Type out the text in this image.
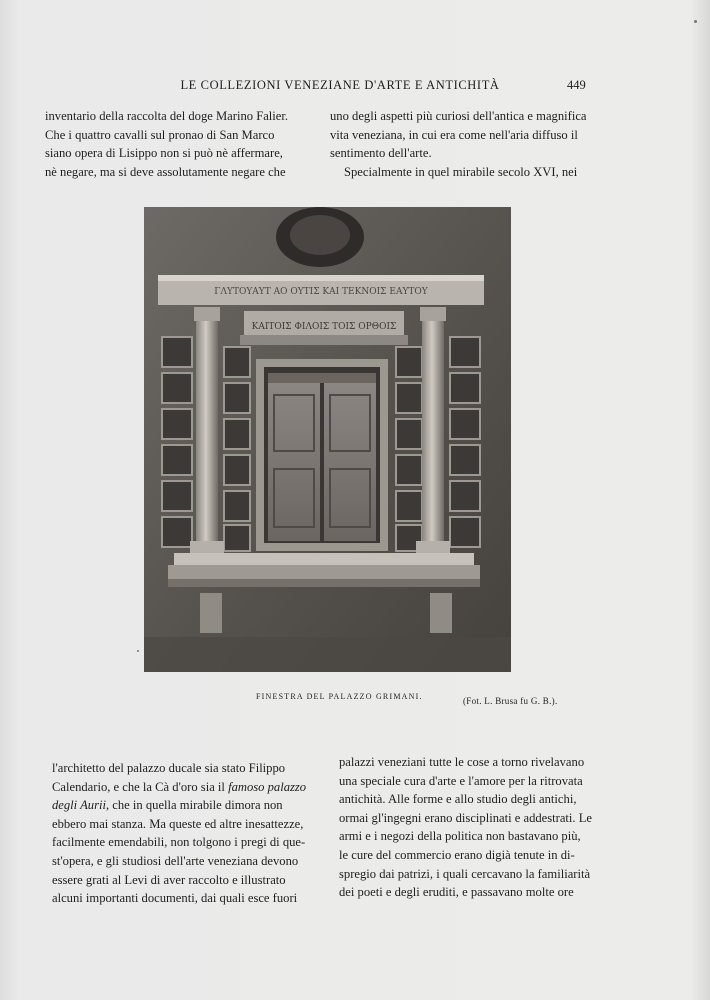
LE COLLEZIONI VENEZIANE D'ARTE E ANTICHITÀ	449

inventario della raccolta del doge Marino Falier.

Che i quattro cavalli sul pronao di San Marco

siano opera di Lisippo non si può nè affermare,

nè negare, ma si deve assolutamente negare che

uno degli aspetti più curiosi dell'antica e magnifica

vita veneziana, in cui era come nell'aria diffuso il

sentimento dell'arte.

Specialmente in quel mirabile secolo XVI, nei

ΓΛYΤΟΥΑΥΤ ΑΟ ΟΥΤΙΣ ΚΑΙ ΤΕΚΝΟΙΣ ΕΑΥΤΟΥ
ΚΑΙΤΟΙΣ ΦΙΛΟΙΣ ΤΟΙΣ ΟΡΘΟΙΣ
FINESTRA DEL PALAZZO GRIMANI.	(Fot. L. Brusa fu G. B.).

l'architetto del palazzo ducale sia stato Filippo

Calendario, e che la Cà d'oro sia il famoso palazzo

degli Aurii, che in quella mirabile dimora non

ebbero mai stanza. Ma queste ed altre inesattezze,

facilmente emendabili, non tolgono i pregi di que-

st'opera, e gli studiosi dell'arte veneziana devono

essere grati al Levi di aver raccolto e illustrato

alcuni importanti documenti, dai quali esce fuori

palazzi veneziani tutte le cose a torno rivelavano

una speciale cura d'arte e l'amore per la ritrovata

antichità. Alle forme e allo studio degli antichi,

ormai gl'ingegni erano disciplinati e addestrati. Le

armi e i negozi della politica non bastavano più,

le cure del commercio erano digià tenute in di-

spregio dai patrizi, i quali cercavano la familiarità

dei poeti e degli eruditi, e passavano molte ore
